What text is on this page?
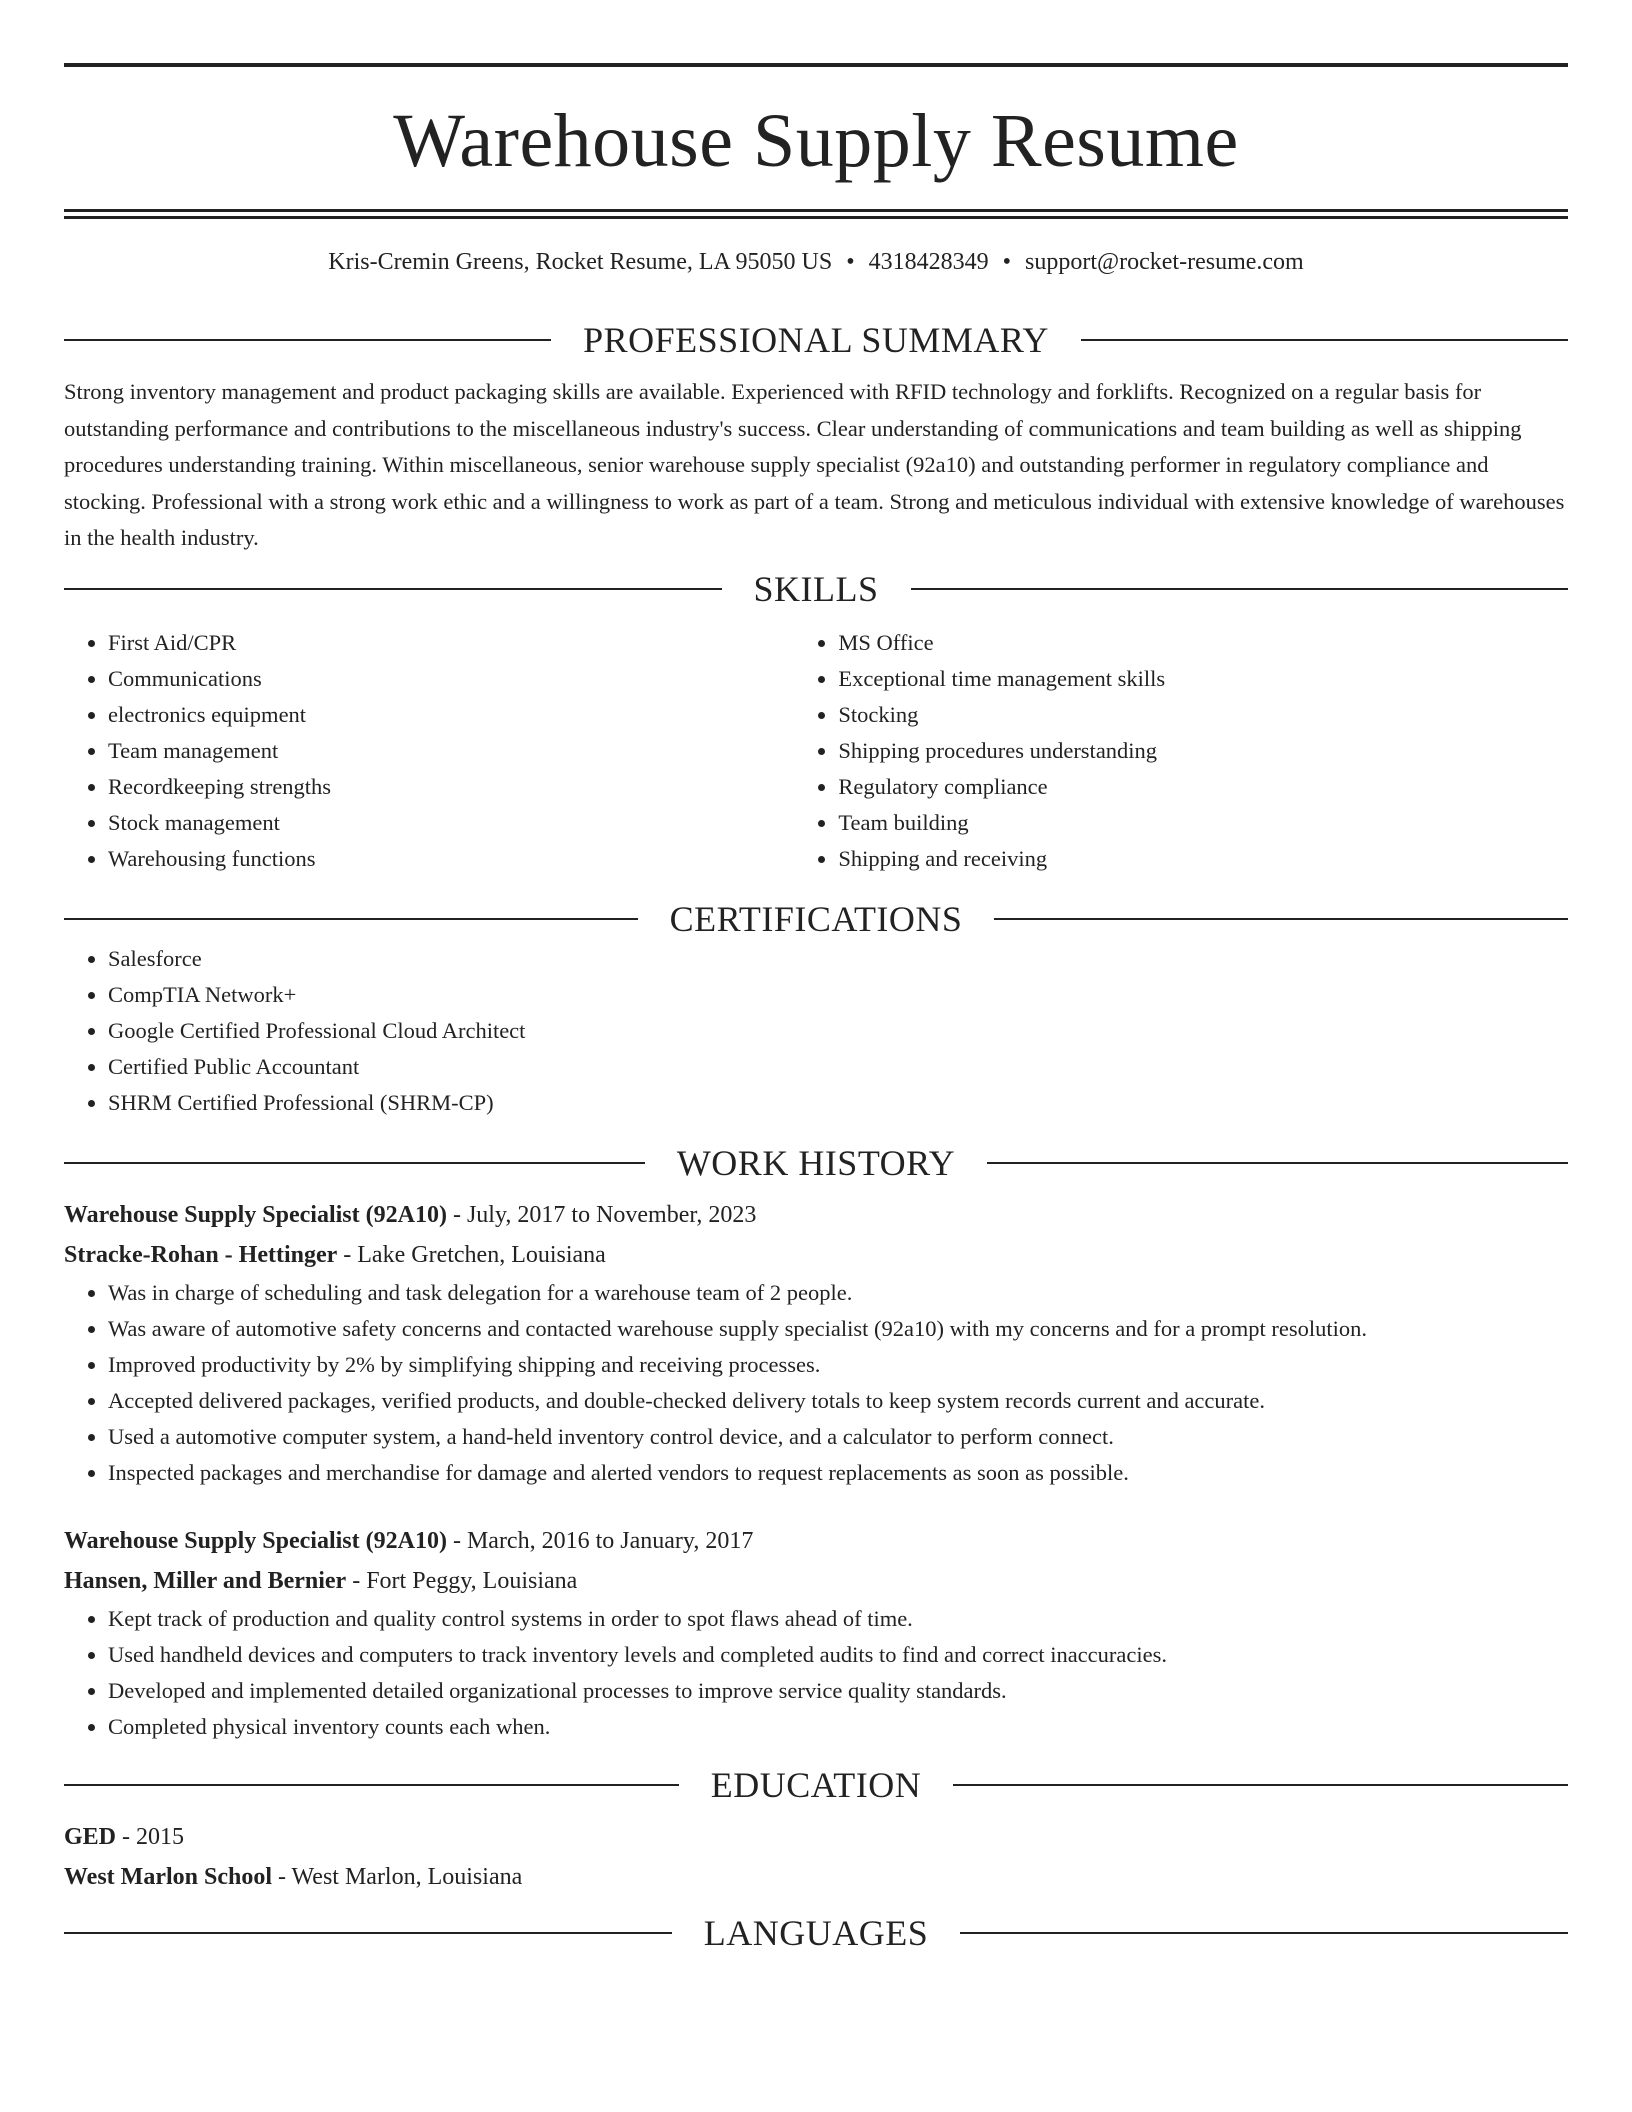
Warehouse Supply Resume
Kris-Cremin Greens, Rocket Resume, LA 95050 US • 4318428349 • support@rocket-resume.com
PROFESSIONAL SUMMARY

Strong inventory management and product packaging skills are available. Experienced with RFID technology and forklifts. Recognized on a regular basis for outstanding performance and contributions to the miscellaneous industry's success. Clear understanding of communications and team building as well as shipping procedures understanding training. Within miscellaneous, senior warehouse supply specialist (92a10) and outstanding performer in regulatory compliance and stocking. Professional with a strong work ethic and a willingness to work as part of a team. Strong and meticulous individual with extensive knowledge of warehouses in the health industry.

SKILLS
• First Aid/CPR
• Communications
• electronics equipment
• Team management
• Recordkeeping strengths
• Stock management
• Warehousing functions
• MS Office
• Exceptional time management skills
• Stocking
• Shipping procedures understanding
• Regulatory compliance
• Team building
• Shipping and receiving
CERTIFICATIONS
• Salesforce
• CompTIA Network+
• Google Certified Professional Cloud Architect
• Certified Public Accountant
• SHRM Certified Professional (SHRM-CP)
WORK HISTORY
Warehouse Supply Specialist (92A10) - July, 2017 to November, 2023
Stracke-Rohan - Hettinger - Lake Gretchen, Louisiana
• Was in charge of scheduling and task delegation for a warehouse team of 2 people.
• Was aware of automotive safety concerns and contacted warehouse supply specialist (92a10) with my concerns and for a prompt resolution.
• Improved productivity by 2% by simplifying shipping and receiving processes.
• Accepted delivered packages, verified products, and double-checked delivery totals to keep system records current and accurate.
• Used a automotive computer system, a hand-held inventory control device, and a calculator to perform connect.
• Inspected packages and merchandise for damage and alerted vendors to request replacements as soon as possible.
Warehouse Supply Specialist (92A10) - March, 2016 to January, 2017
Hansen, Miller and Bernier - Fort Peggy, Louisiana
• Kept track of production and quality control systems in order to spot flaws ahead of time.
• Used handheld devices and computers to track inventory levels and completed audits to find and correct inaccuracies.
• Developed and implemented detailed organizational processes to improve service quality standards.
• Completed physical inventory counts each when.
EDUCATION
GED - 2015
West Marlon School - West Marlon, Louisiana
LANGUAGES
